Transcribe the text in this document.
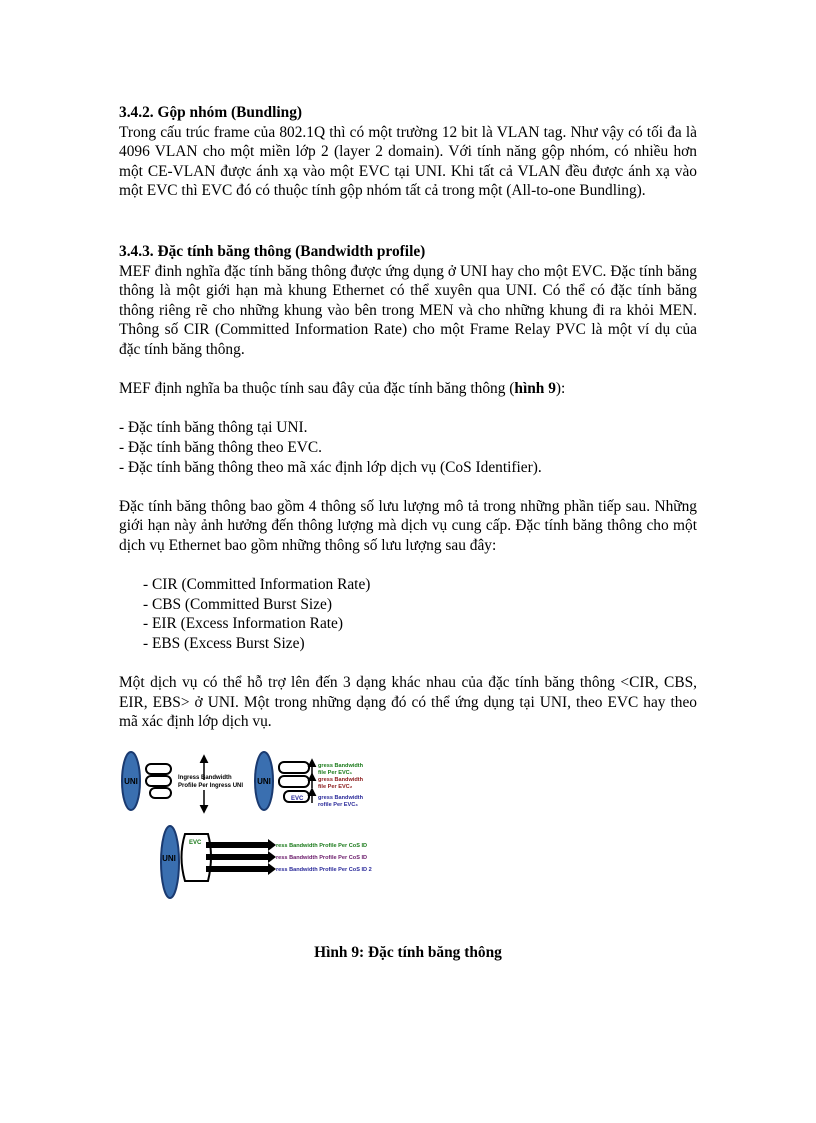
3.4.2. Gộp nhóm (Bundling)
Trong cấu trúc frame của 802.1Q thì có một trường 12 bit là VLAN tag. Như vậy có tối đa là 4096 VLAN cho một miền lớp 2 (layer 2 domain). Với tính năng gộp nhóm, có nhiều hơn một CE-VLAN được ánh xạ vào một EVC tại UNI. Khi tất cả VLAN đều được ánh xạ vào một EVC thì EVC đó có thuộc tính gộp nhóm tất cả trong một (All-to-one Bundling).
3.4.3. Đặc tính băng thông (Bandwidth profile)
MEF đinh nghĩa đặc tính băng thông được ứng dụng ở UNI hay cho một EVC. Đặc tính băng thông là một giới hạn mà khung Ethernet có thể xuyên qua UNI. Có thể có đặc tính băng thông riêng rẽ cho những khung vào bên trong MEN và cho những khung đi ra khỏi MEN. Thông số CIR (Committed Information Rate) cho một Frame Relay PVC là một ví dụ của đặc tính băng thông.
MEF định nghĩa ba thuộc tính sau đây của đặc tính băng thông (hình 9):
- Đặc tính băng thông tại UNI.
- Đặc tính băng thông theo EVC.
- Đặc tính băng thông theo mã xác định lớp dịch vụ (CoS Identifier).
Đặc tính băng thông bao gồm 4 thông số lưu lượng mô tả trong những phần tiếp sau. Những giới hạn này ảnh hưởng đến thông lượng mà dịch vụ cung cấp. Đặc tính băng thông cho một dịch vụ Ethernet bao gồm những thông số lưu lượng sau đây:
- CIR (Committed Information Rate)
- CBS (Committed Burst Size)
- EIR (Excess Information Rate)
- EBS (Excess Burst Size)
Một dịch vụ có thể hỗ trợ lên đến 3 dạng khác nhau của đặc tính băng thông <CIR, CBS, EIR, EBS> ở UNI. Một trong những dạng đó có thể ứng dụng tại UNI, theo EVC hay theo mã xác định lớp dịch vụ.
UNI	Ingress Bandwidth
Profile Per Ingress UNI UNI
EVC
gress Bandwidth
file Per EVC₁
gress Bandwidth
file Per EVC₂
gress Bandwidth
rofile Per EVC₃
UNI
EVC	ress Bandwidth Profile Per CoS ID
ress Bandwidth Profile Per CoS ID
ress Bandwidth Profile Per CoS ID 2
Hình 9: Đặc tính băng thông
